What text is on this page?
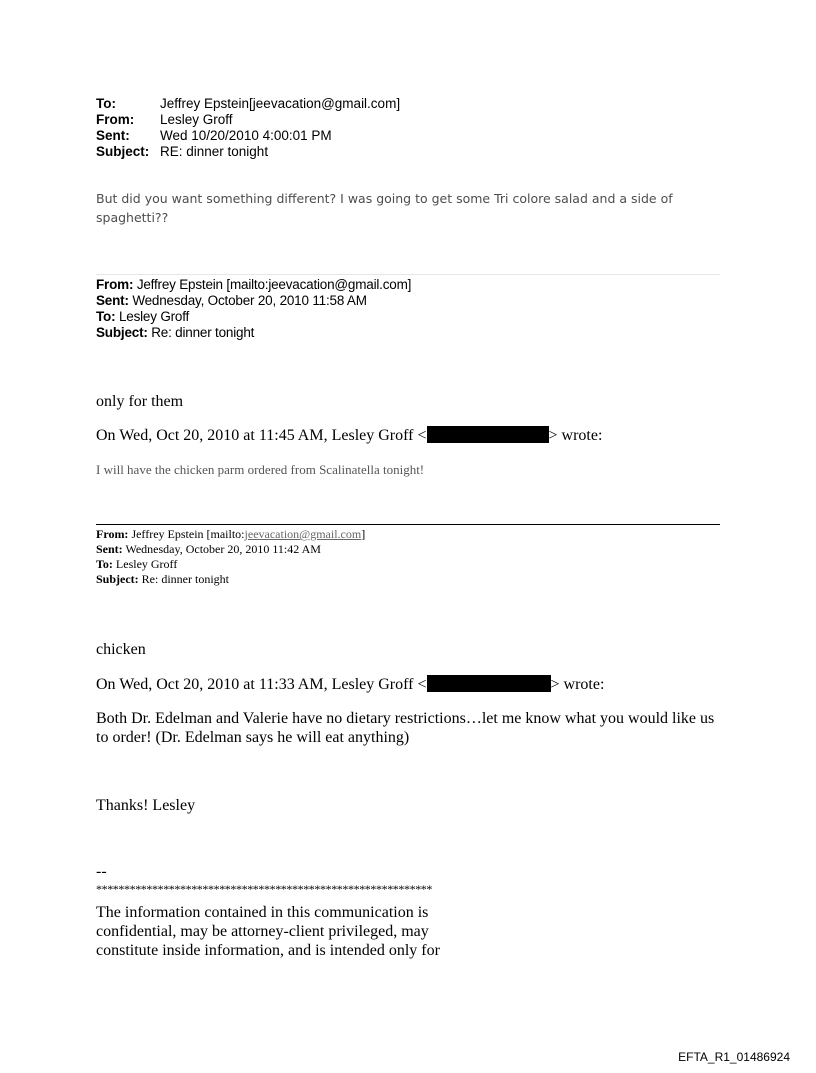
To:	Jeffrey Epstein[jeevacation@gmail.com]
From:	Lesley Groff
Sent:	Wed 10/20/2010 4:00:01 PM
Subject: RE: dinner tonight
But did you want something different? I was going to get some Tri colore salad and a side of
spaghetti??
From: Jeffrey Epstein [mailto:jeevacation@gmail.com]
Sent: Wednesday, October 20, 2010 11:58 AM
To: Lesley Groff
Subject: Re: dinner tonight
only for them
On Wed, Oct 20, 2010 at 11:45 AM, Lesley Groff <	> wrote:
I will have the chicken parm ordered from Scalinatella tonight!
From: Jeffrey Epstein [mailto:jeevacation@gmail.com]
Sent: Wednesday, October 20, 2010 11:42 AM
To: Lesley Groff
Subject: Re: dinner tonight
chicken
On Wed, Oct 20, 2010 at 11:33 AM, Lesley Groff <	> wrote:
Both Dr. Edelman and Valerie have no dietary restrictions…let me know what you would like us
to order! (Dr. Edelman says he will eat anything)
Thanks! Lesley
--
************************************************************
The information contained in this communication is
confidential, may be attorney-client privileged, may
constitute inside information, and is intended only for
EFTA_R1_01486924
